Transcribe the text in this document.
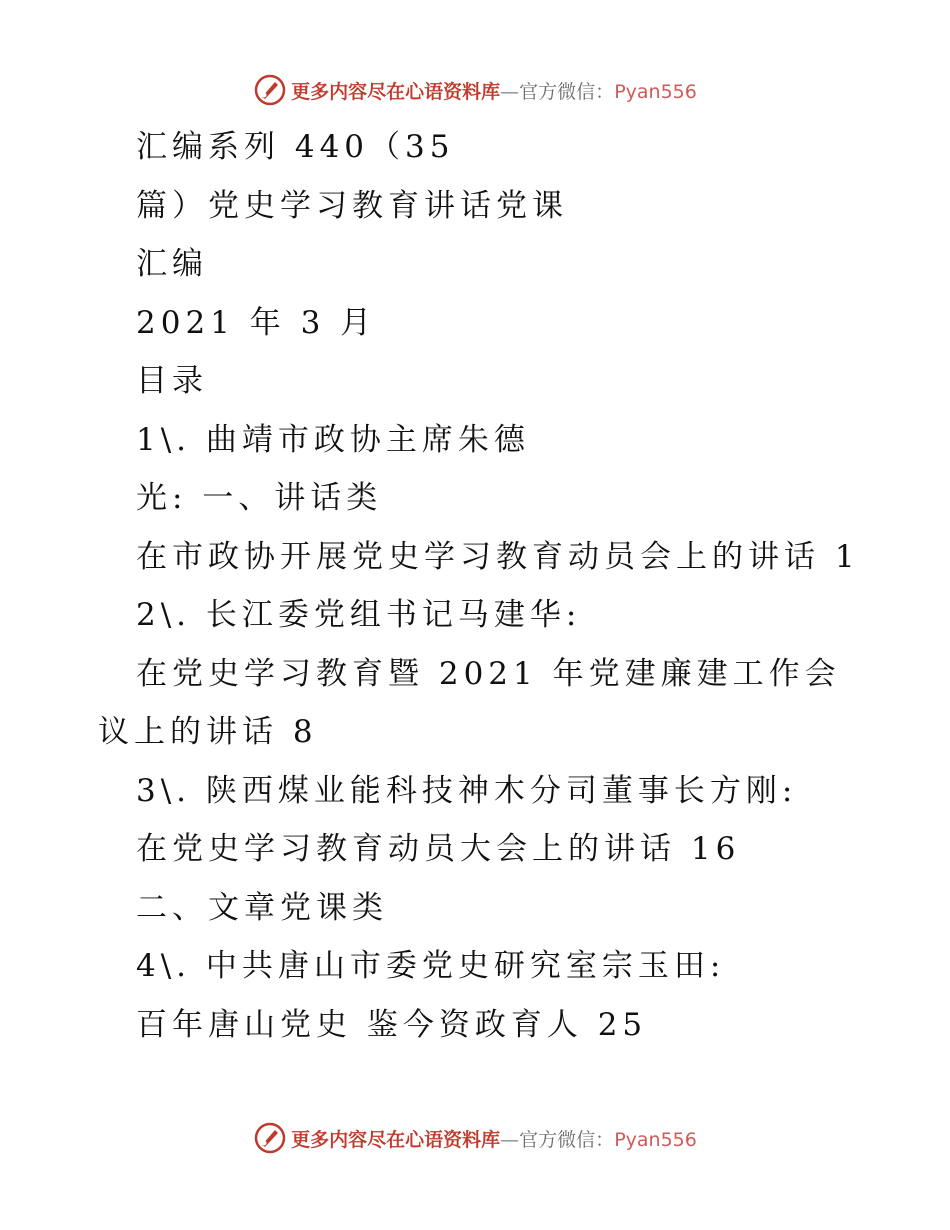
更多内容尽在心语资料库—官方微信：Pyan556
汇编系列 440（35
篇）党史学习教育讲话党课
汇编
2021 年 3 月
目录
1\. 曲靖市政协主席朱德
光: 一、讲话类
在市政协开展党史学习教育动员会上的讲话 1
2\. 长江委党组书记马建华:
在党史学习教育暨 2021 年党建廉建工作会议上的讲话 8
3\. 陕西煤业能科技神木分司董事长方刚:
在党史学习教育动员大会上的讲话 16
二、文章党课类
4\. 中共唐山市委党史研究室宗玉田:
百年唐山党史 鉴今资政育人 25
更多内容尽在心语资料库—官方微信：Pyan556
